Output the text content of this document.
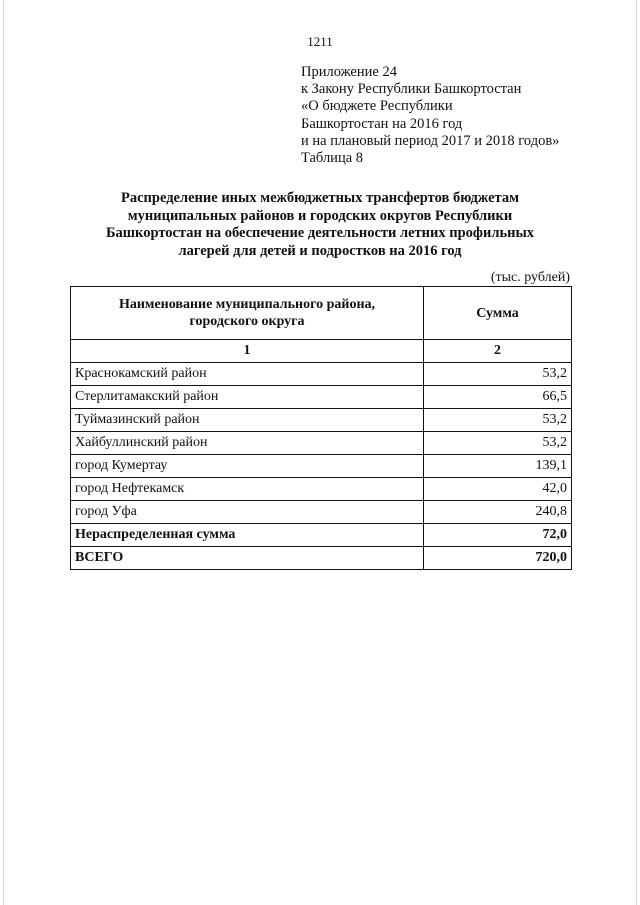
1211
Приложение 24
к Закону Республики Башкортостан
«О бюджете Республики
Башкортостан на 2016 год
и на плановый период 2017 и 2018 годов»
Таблица 8
Распределение иных межбюджетных трансфертов бюджетам
муниципальных районов и городских округов Республики
Башкортостан на обеспечение деятельности летних профильных
лагерей для детей и подростков на 2016 год
(тыс. рублей)
Наименование муниципального района,
городского округа	Сумма
1	2
Краснокамский район	53,2
Стерлитамакский район	66,5
Туймазинский район	53,2
Хайбуллинский район	53,2
город Кумертау	139,1
город Нефтекамск	42,0
город Уфа	240,8
Нераспределенная сумма	72,0
ВСЕГО	720,0
